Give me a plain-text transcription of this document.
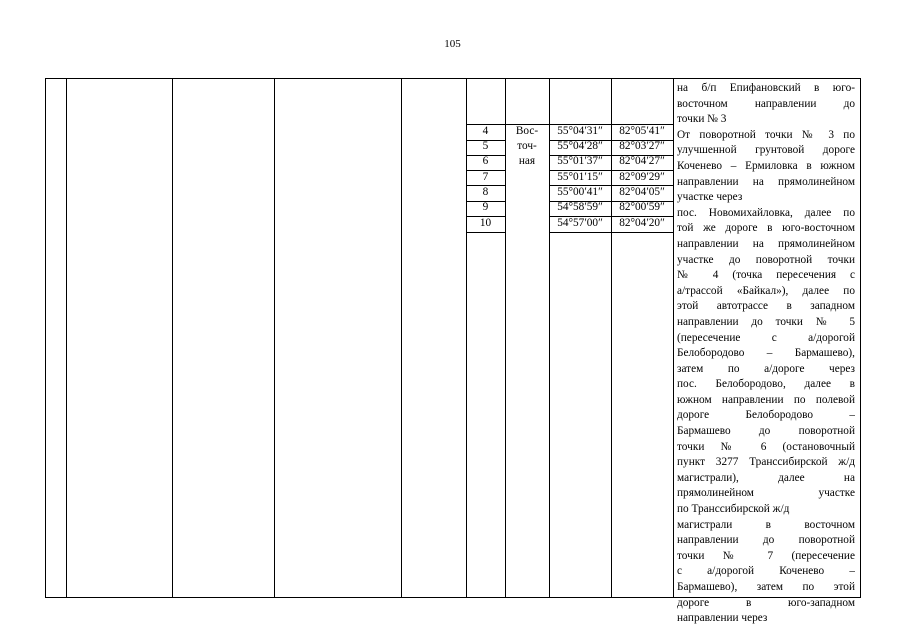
105
4
5
6
7
8
9
10
Вос-
точ-
ная
55°04′31″
55°04′28″
55°01′37″
55°01′15″
55°00′41″
54°58′59″
54°57′00″
82°05′41″
82°03′27″
82°04′27″
82°09′29″
82°04′05″
82°00′59″
82°04′20″
на б/п Епифановский в юго-
восточном направлении до
точки № 3
От поворотной точки № 3 по
улучшенной грунтовой дороге
Коченево – Ермиловка в южном
направлении на прямолинейном
участке через
пос. Новомихайловка, далее по
той же дороге в юго-восточном
направлении на прямолинейном
участке до поворотной точки
№ 4 (точка пересечения с
а/трассой «Байкал»), далее по
этой автотрассе в западном
направлении до точки № 5
(пересечение с а/дорогой
Белобородово – Бармашево),
затем по а/дороге через
пос. Белобородово, далее в
южном направлении по полевой
дороге Белобородово –
Бармашево до поворотной
точки № 6 (остановочный
пункт 3277 Транссибирской ж/д
магистрали), далее на
прямолинейном участке
по Транссибирской ж/д
магистрали в восточном
направлении до поворотной
точки № 7 (пересечение
с а/дорогой Коченево –
Бармашево), затем по этой
дороге в юго-западном
направлении через
